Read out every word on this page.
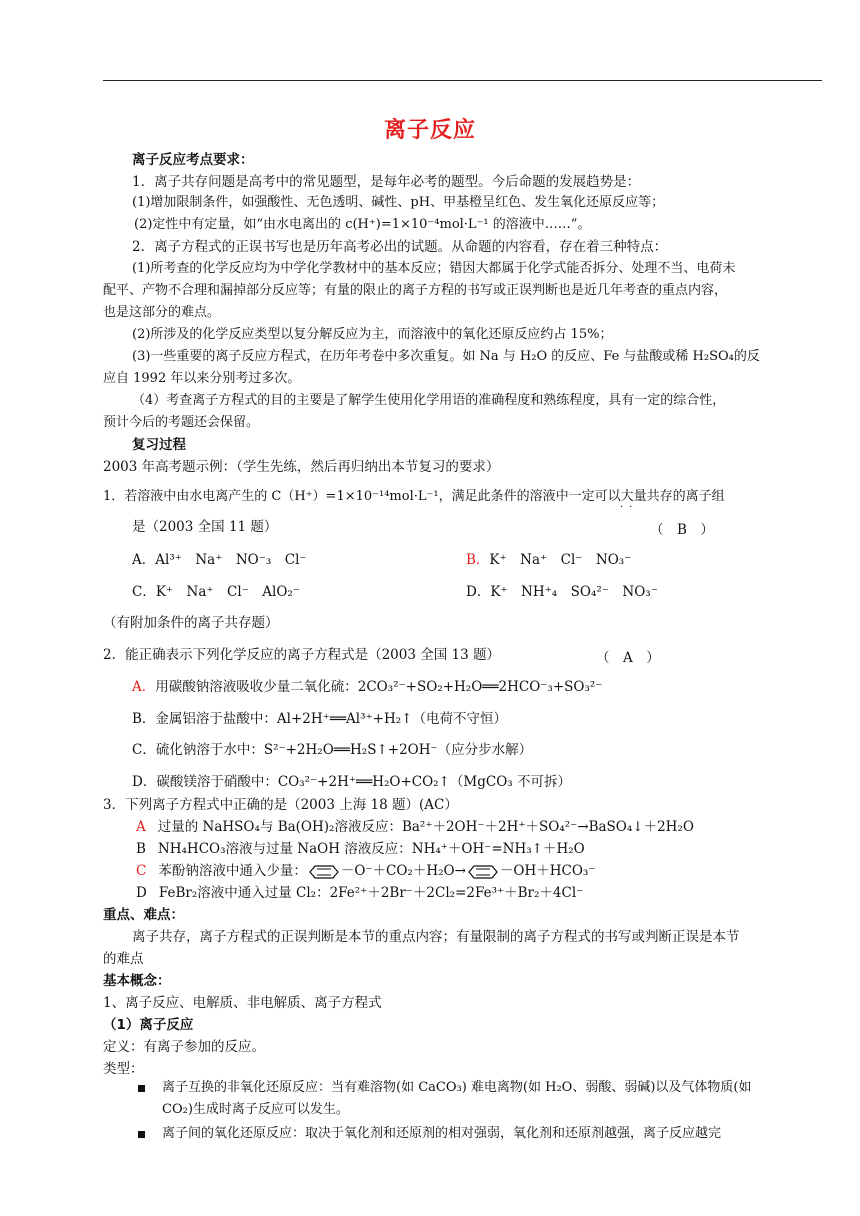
离子反应
离子反应考点要求：
1．离子共存问题是高考中的常见题型，是每年必考的题型。今后命题的发展趋势是：
(1)增加限制条件，如强酸性、无色透明、碱性、pH、甲基橙呈红色、发生氧化还原反应等；
(2)定性中有定量，如“由水电离出的 c(H⁺)=1×10⁻⁴mol·L⁻¹ 的溶液中……”。
2．离子方程式的正误书写也是历年高考必出的试题。从命题的内容看，存在着三种特点：
(1)所考查的化学反应均为中学化学教材中的基本反应；错因大都属于化学式能否拆分、处理不当、电荷未
配平、产物不合理和漏掉部分反应等；有量的限止的离子方程的书写或正误判断也是近几年考查的重点内容，
也是这部分的难点。
(2)所涉及的化学反应类型以复分解反应为主，而溶液中的氧化还原反应约占 15%；
(3)一些重要的离子反应方程式，在历年考卷中多次重复。如 Na 与 H₂O 的反应、Fe 与盐酸或稀 H₂SO₄的反
应自 1992 年以来分别考过多次。
（4）考查离子方程式的目的主要是了解学生使用化学用语的准确程度和熟练程度，具有一定的综合性，
预计今后的考题还会保留。
复习过程
2003 年高考题示例：（学生先练，然后再归纳出本节复习的要求）
1．若溶液中由水电离产生的 C（H⁺）=1×10⁻¹⁴mol·L⁻¹，满足此条件的溶液中一定可以大量共存的离子组
··
是（2003 全国 11 题）	（　B　）
A．Al³⁺　Na⁺　NO⁻₃　Cl⁻	B．K⁺　Na⁺　Cl⁻　NO₃⁻
C．K⁺　Na⁺　Cl⁻　AlO₂⁻	D．K⁺　NH⁺₄　SO₄²⁻　NO₃⁻
（有附加条件的离子共存题）
2．能正确表示下列化学反应的离子方程式是（2003 全国 13 题）	（　A　）
A．用碳酸钠溶液吸收少量二氧化硫：2CO₃²⁻+SO₂+H₂O══2HCO⁻₃+SO₃²⁻
B．金属铝溶于盐酸中：Al+2H⁺══Al³⁺+H₂↑（电荷不守恒）
C．硫化钠溶于水中：S²⁻+2H₂O══H₂S↑+2OH⁻（应分步水解）
D．碳酸镁溶于硝酸中：CO₃²⁻+2H⁺══H₂O+CO₂↑（MgCO₃ 不可拆）
3．下列离子方程式中正确的是（2003 上海 18 题）(AC）
A 过量的 NaHSO₄与 Ba(OH)₂溶液反应：Ba²⁺＋2OH⁻＋2H⁺＋SO₄²⁻→BaSO₄↓＋2H₂O
B NH₄HCO₃溶液与过量 NaOH 溶液反应：NH₄⁺＋OH⁻=NH₃↑＋H₂O
C 苯酚钠溶液中通入少量：	－O⁻＋CO₂＋H₂O→	－OH＋HCO₃⁻
D FeBr₂溶液中通入过量 Cl₂：2Fe²⁺＋2Br⁻＋2Cl₂=2Fe³⁺＋Br₂＋4Cl⁻
重点、难点：
离子共存，离子方程式的正误判断是本节的重点内容；有量限制的离子方程式的书写或判断正误是本节
的难点
基本概念：
1、离子反应、电解质、非电解质、离子方程式
（1）离子反应
定义：有离子参加的反应。
类型：
离子互换的非氧化还原反应：当有难溶物(如 CaCO₃) 难电离物(如 H₂O、弱酸、弱碱)以及气体物质(如
CO₂)生成时离子反应可以发生。
离子间的氧化还原反应：取决于氧化剂和还原剂的相对强弱，氧化剂和还原剂越强，离子反应越完
